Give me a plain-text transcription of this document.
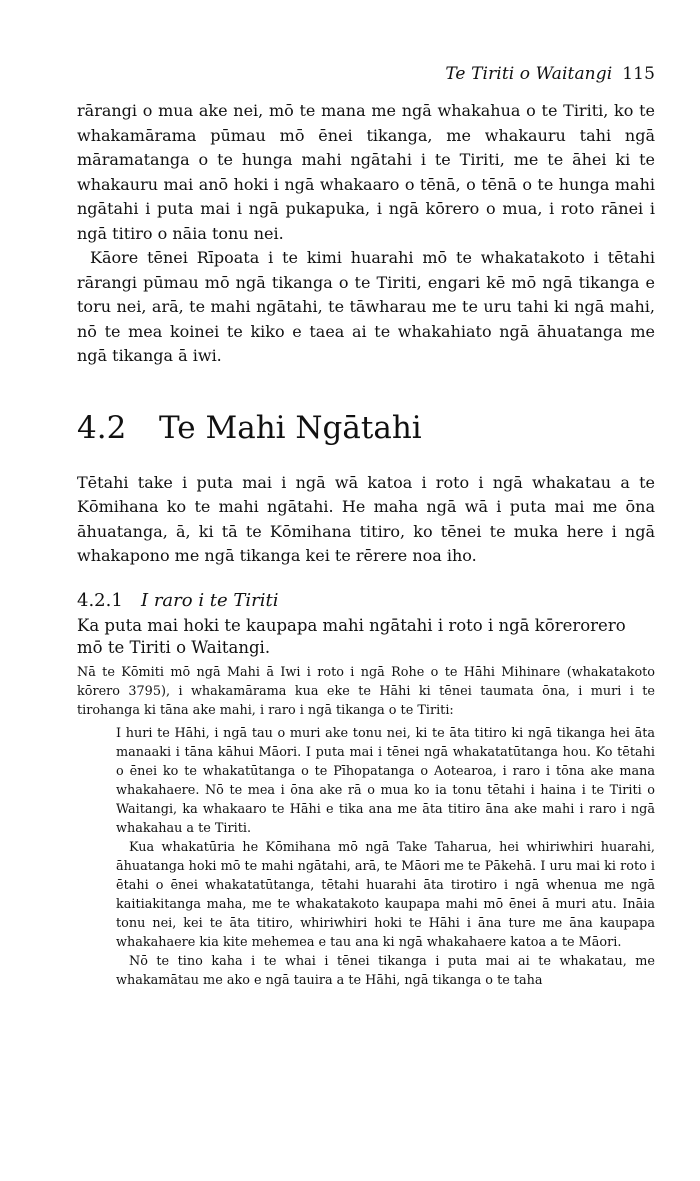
Te Tiriti o Waitangi 115

rārangi o mua ake nei, mō te mana me ngā whakahua o te Tiriti, ko te whakamārama pūmau mō ēnei tikanga, me whakauru tahi ngā māramatanga o te hunga mahi ngātahi i te Tiriti, me te āhei ki te whakauru mai anō hoki i ngā whakaaro o tēnā, o tēnā o te hunga mahi ngātahi i puta mai i ngā pukapuka, i ngā kōrero o mua, i roto rānei i ngā titiro o nāia tonu nei.

Kāore tēnei Rīpoata i te kimi huarahi mō te whakatakoto i tētahi rārangi pūmau mō ngā tikanga o te Tiriti, engari kē mō ngā tikanga e toru nei, arā, te mahi ngātahi, te tāwharau me te uru tahi ki ngā mahi, nō te mea koinei te kiko e taea ai te whakahiato ngā āhuatanga me ngā tikanga ā iwi.

4.2	Te Mahi Ngātahi

Tētahi take i puta mai i ngā wā katoa i roto i ngā whakatau a te Kōmihana ko te mahi ngātahi. He maha ngā wā i puta mai me ōna āhuatanga, ā, ki tā te Kōmihana titiro, ko tēnei te muka here i ngā whakapono me ngā tikanga kei te rērere noa iho.

4.2.1	I raro i te Tiriti

Ka puta mai hoki te kaupapa mahi ngātahi i roto i ngā kōrerorero mō te Tiriti o Waitangi.

Nā te Kōmiti mō ngā Mahi ā Iwi i roto i ngā Rohe o te Hāhi Mihinare (whakatakoto kōrero 3795), i whakamārama kua eke te Hāhi ki tēnei taumata ōna, i muri i te tirohanga ki tāna ake mahi, i raro i ngā tikanga o te Tiriti:

I huri te Hāhi, i ngā tau o muri ake tonu nei, ki te āta titiro ki ngā tikanga hei āta manaaki i tāna kāhui Māori. I puta mai i tēnei ngā whakatatūtanga hou. Ko tētahi o ēnei ko te whakatūtanga o te Pīhopatanga o Aotearoa, i raro i tōna ake mana whakahaere. Nō te mea i ōna ake rā o mua ko ia tonu tētahi i haina i te Tiriti o Waitangi, ka whakaaro te Hāhi e tika ana me āta titiro āna ake mahi i raro i ngā whakahau a te Tiriti.

Kua whakatūria he Kōmihana mō ngā Take Taharua, hei whiriwhiri huarahi, āhuatanga hoki mō te mahi ngātahi, arā, te Māori me te Pākehā. I uru mai ki roto i ētahi o ēnei whakatatūtanga, tētahi huarahi āta tirotiro i ngā whenua me ngā kaitiakitanga maha, me te whakatakoto kaupapa mahi mō ēnei ā muri atu. Ināia tonu nei, kei te āta titiro, whiriwhiri hoki te Hāhi i āna ture me āna kaupapa whakahaere kia kite mehemea e tau ana ki ngā whakahaere katoa a te Māori.

Nō te tino kaha i te whai i tēnei tikanga i puta mai ai te whakatau, me whakamātau me ako e ngā tauira a te Hāhi, ngā tikanga o te taha
